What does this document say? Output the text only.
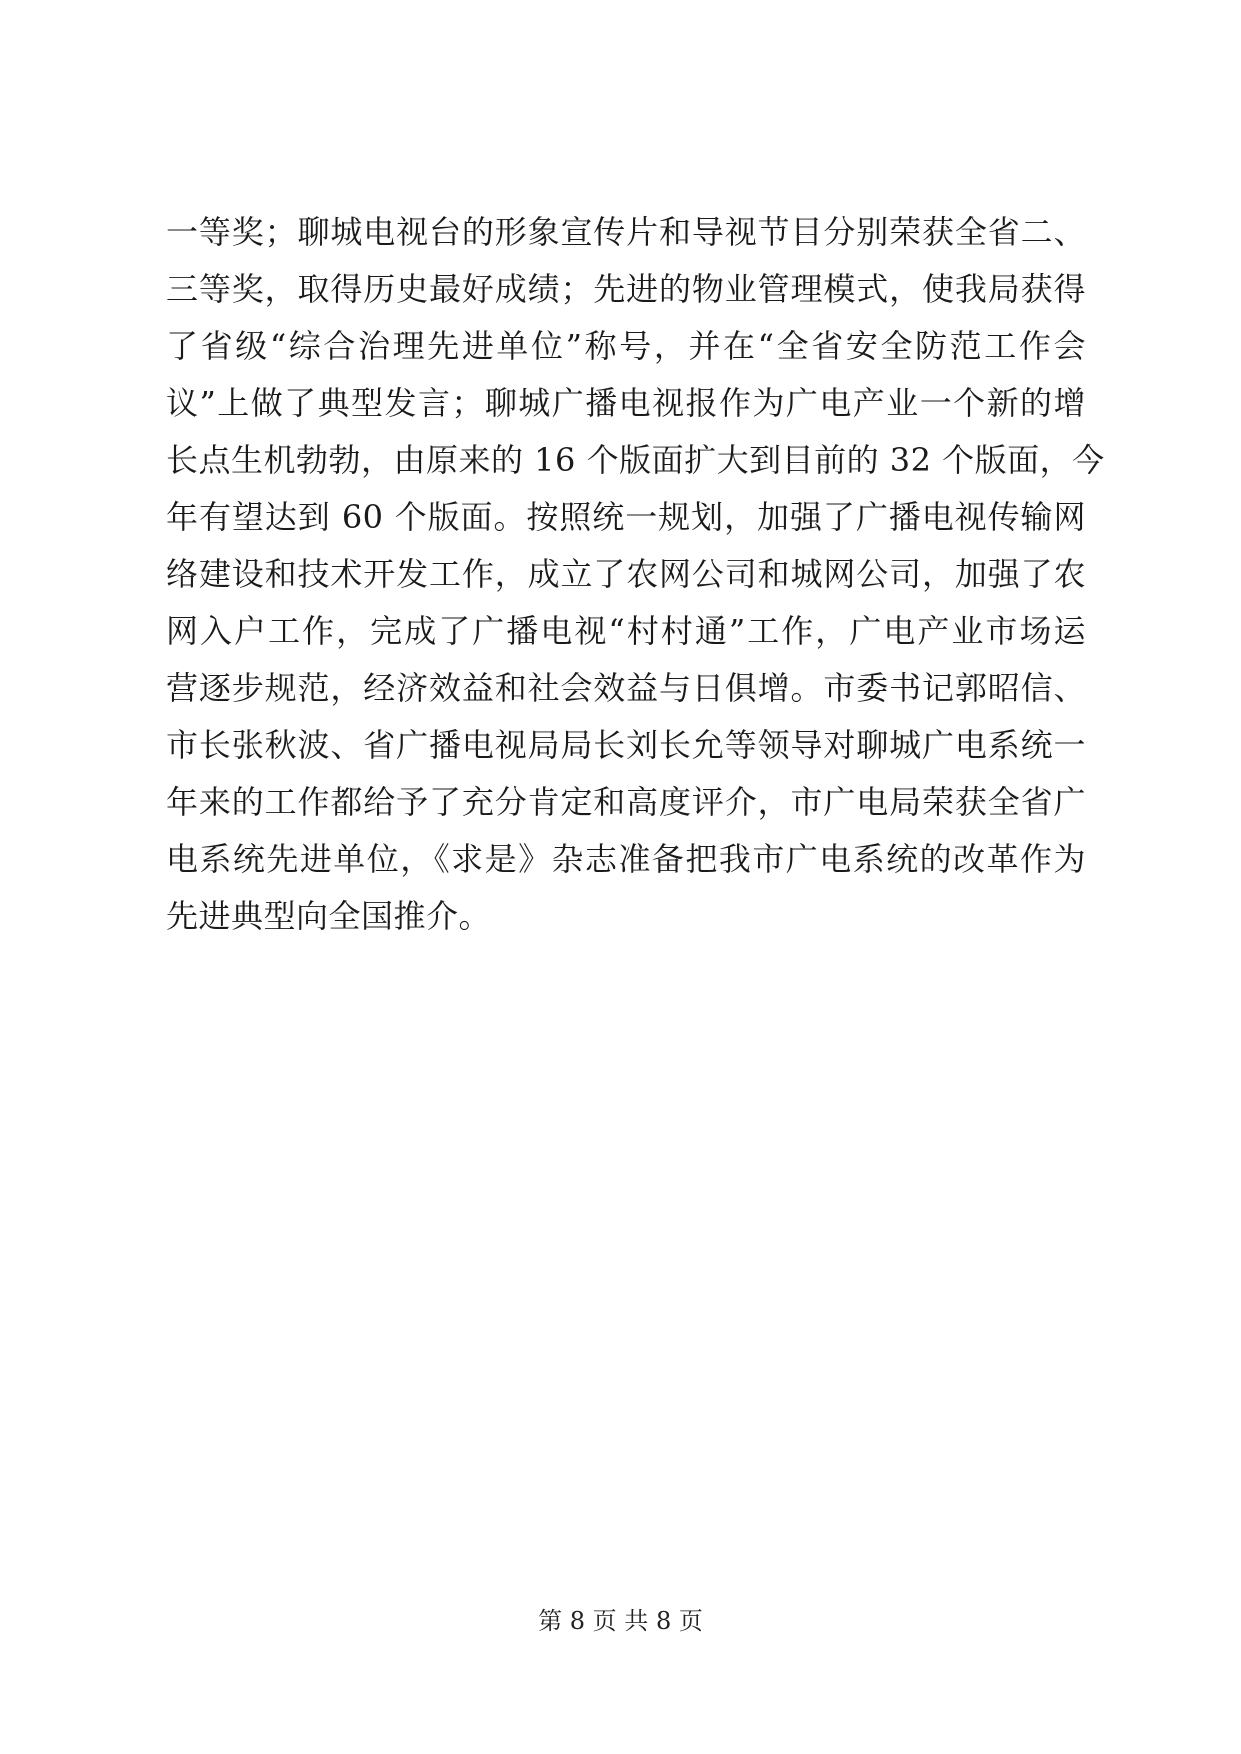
一等奖；聊城电视台的形象宣传片和导视节目分别荣获全省二、
三等奖，取得历史最好成绩；先进的物业管理模式，使我局获得
了省级“综合治理先进单位”称号，并在“全省安全防范工作会
议”上做了典型发言；聊城广播电视报作为广电产业一个新的增
长点生机勃勃，由原来的 16 个版面扩大到目前的 32 个版面，今
年有望达到 60 个版面。按照统一规划，加强了广播电视传输网
络建设和技术开发工作，成立了农网公司和城网公司，加强了农
网入户工作，完成了广播电视“村村通”工作，广电产业市场运
营逐步规范，经济效益和社会效益与日俱增。市委书记郭昭信、
市长张秋波、省广播电视局局长刘长允等领导对聊城广电系统一
年来的工作都给予了充分肯定和高度评介，市广电局荣获全省广
电系统先进单位，《求是》杂志准备把我市广电系统的改革作为
先进典型向全国推介。
第 8 页 共 8 页
